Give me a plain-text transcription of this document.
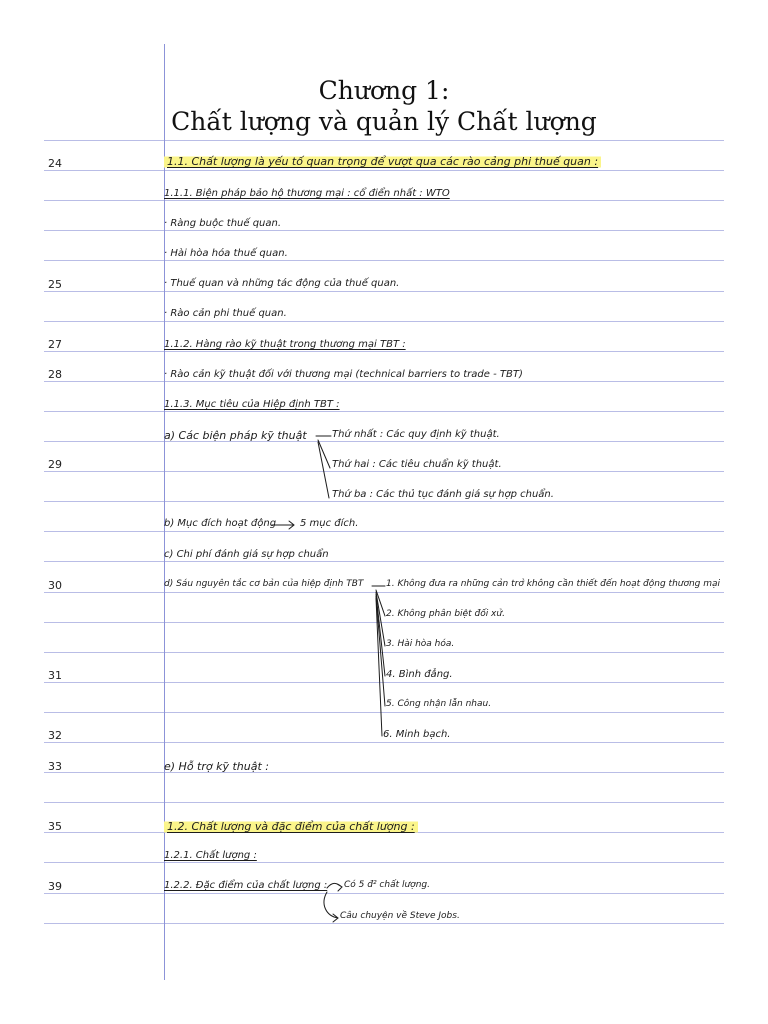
Chương 1:
Chất lượng và quản lý Chất lượng
24
25
27
28
29
30
31
32
33
35
39
1.1. Chất lượng là yếu tố quan trọng để vượt qua các rào cảng phi thuế quan :
1.1.1. Biện pháp bảo hộ thương mại : cổ điển nhất : WTO
· Ràng buộc thuế quan.
· Hài hòa hóa thuế quan.
· Thuế quan và những tác động của thuế quan.
· Rào cản phi thuế quan.
1.1.2. Hàng rào kỹ thuật trong thương mại TBT :
· Rào cản kỹ thuật đối với thương mại (technical barriers to trade - TBT)
1.1.3. Mục tiêu của Hiệp định TBT :
a) Các biện pháp kỹ thuật	Thứ nhất : Các quy định kỹ thuật.
Thứ hai : Các tiêu chuẩn kỹ thuật.
Thứ ba : Các thủ tục đánh giá sự hợp chuẩn.
b) Mục đích hoạt động 5 mục đích.
c) Chi phí đánh giá sự hợp chuẩn
d) Sáu nguyên tắc cơ bản của hiệp định TBT	1. Không đưa ra những cản trở không cần thiết đến hoạt động thương mại
2. Không phân biệt đối xử.
3. Hài hòa hóa.
4. Bình đẳng.
5. Công nhận lẫn nhau.
6. Minh bạch.
e) Hỗ trợ kỹ thuật :
1.2. Chất lượng và đặc điểm của chất lượng :
1.2.1. Chất lượng :
1.2.2. Đặc điểm của chất lượng : Có 5 đ² chất lượng.
Câu chuyện về Steve Jobs.
